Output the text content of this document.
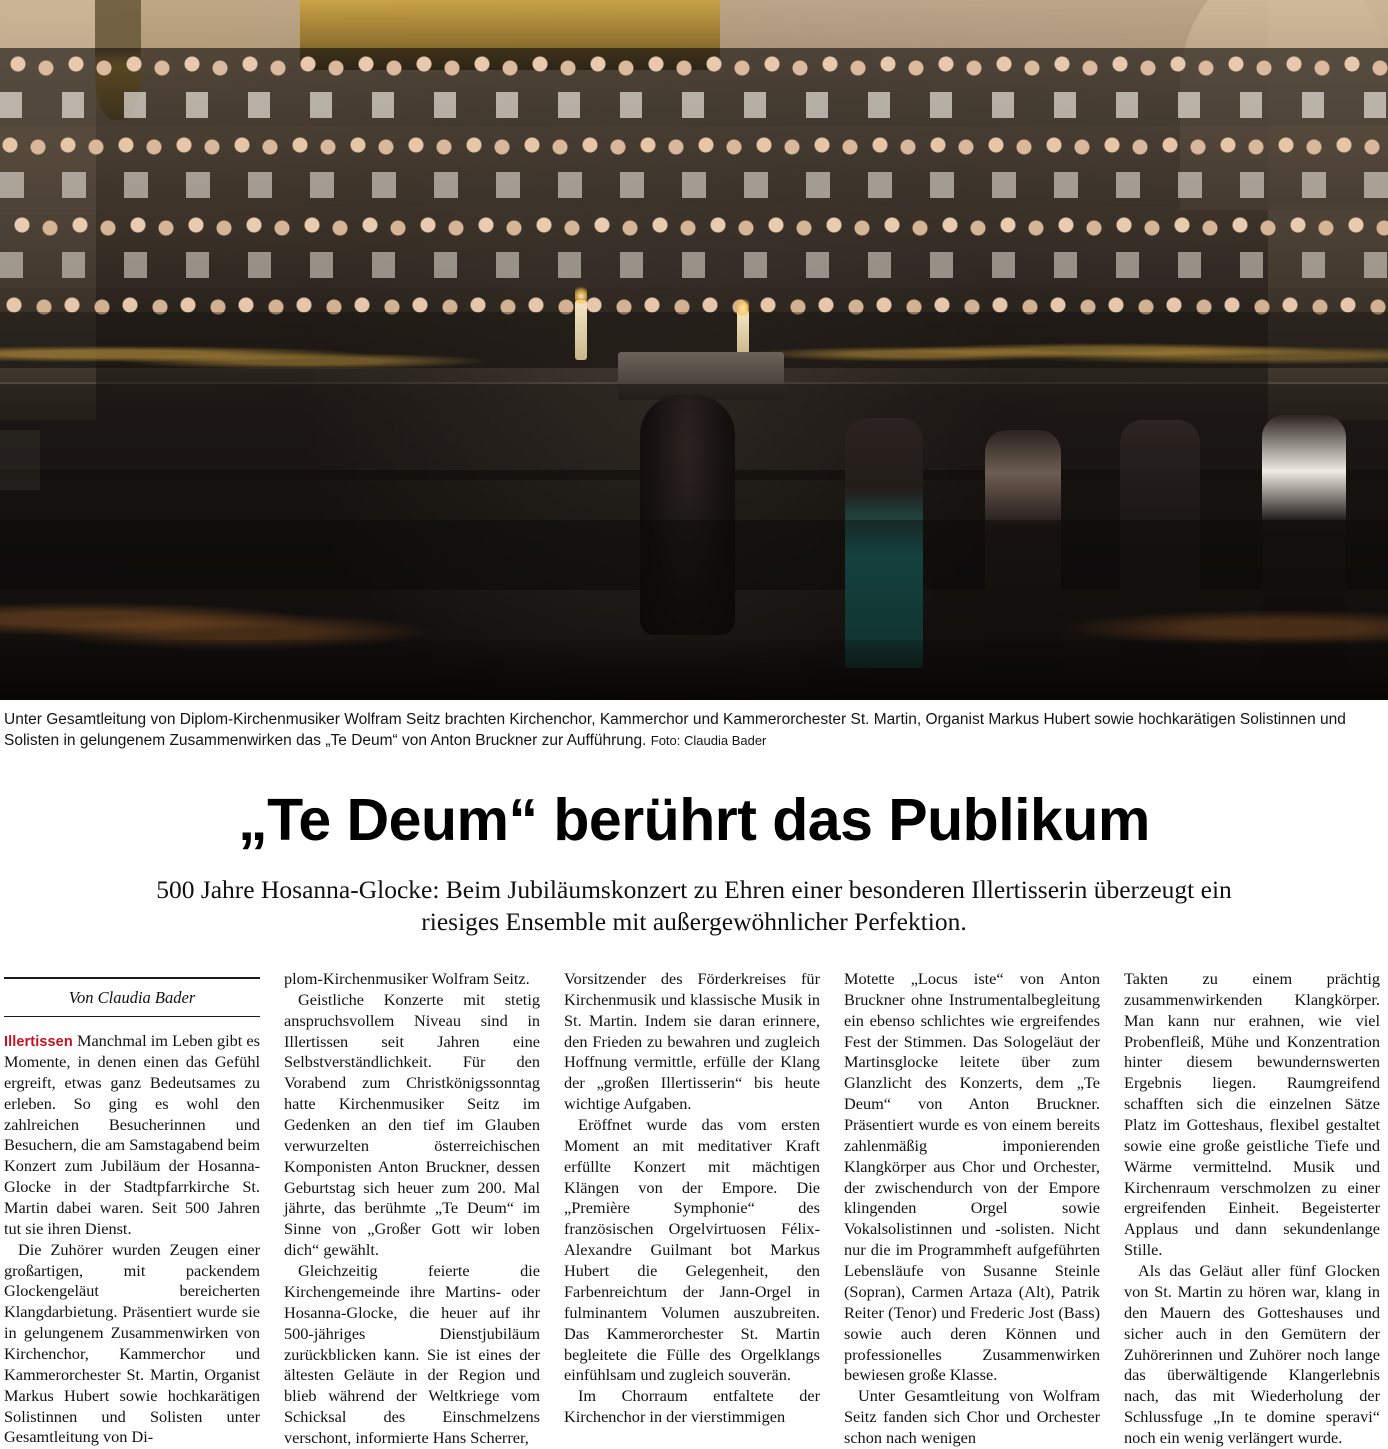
Unter Gesamtleitung von Diplom-Kirchenmusiker Wolfram Seitz brachten Kirchenchor, Kammerchor und Kammerorchester St. Martin, Organist Markus Hubert sowie hochkarätigen Solistinnen und Solisten in gelungenem Zusammenwirken das „Te Deum“ von Anton Bruckner zur Aufführung. Foto: Claudia Bader
„Te Deum“ berührt das Publikum
500 Jahre Hosanna-Glocke: Beim Jubiläumskonzert zu Ehren einer besonderen Illertisserin überzeugt ein riesiges Ensemble mit außergewöhnlicher Perfektion.
Von Claudia Bader

Illertissen Manchmal im Leben gibt es Momente, in denen einen das Gefühl ergreift, etwas ganz Bedeutsames zu erleben. So ging es wohl den zahlreichen Besucherinnen und Besuchern, die am Samstagabend beim Konzert zum Jubiläum der Hosanna-Glocke in der Stadtpfarrkirche St. Martin dabei waren. Seit 500 Jahren tut sie ihren Dienst.

Die Zuhörer wurden Zeugen einer großartigen, mit packendem Glockengeläut bereicherten Klangdarbietung. Präsentiert wurde sie in gelungenem Zusammenwirken von Kirchenchor, Kammerchor und Kammerorchester St. Martin, Organist Markus Hubert sowie hochkarätigen Solistinnen und Solisten unter Gesamtleitung von Di-

plom-Kirchenmusiker Wolfram Seitz.

Geistliche Konzerte mit stetig anspruchsvollem Niveau sind in Illertissen seit Jahren eine Selbstverständlichkeit. Für den Vorabend zum Christkönigssonntag hatte Kirchenmusiker Seitz im Gedenken an den tief im Glauben verwurzelten österreichischen Komponisten Anton Bruckner, dessen Geburtstag sich heuer zum 200. Mal jährte, das berühmte „Te Deum“ im Sinne von „Großer Gott wir loben dich“ gewählt.

Gleichzeitig feierte die Kirchengemeinde ihre Martins- oder Hosanna-Glocke, die heuer auf ihr 500-jähriges Dienstjubiläum zurückblicken kann. Sie ist eines der ältesten Geläute in der Region und blieb während der Weltkriege vom Schicksal des Einschmelzens verschont, informierte Hans Scherrer,

Vorsitzender des Förderkreises für Kirchenmusik und klassische Musik in St. Martin. Indem sie daran erinnere, den Frieden zu bewahren und zugleich Hoffnung vermittle, erfülle der Klang der „großen Illertisserin“ bis heute wichtige Aufgaben.

Eröffnet wurde das vom ersten Moment an mit meditativer Kraft erfüllte Konzert mit mächtigen Klängen von der Empore. Die „Première Symphonie“ des französischen Orgelvirtuosen Félix-Alexandre Guilmant bot Markus Hubert die Gelegenheit, den Farbenreichtum der Jann-Orgel in fulminantem Volumen auszubreiten. Das Kammerorchester St. Martin begleitete die Fülle des Orgelklangs einfühlsam und zugleich souverän.

Im Chorraum entfaltete der Kirchenchor in der vierstimmigen

Motette „Locus iste“ von Anton Bruckner ohne Instrumentalbegleitung ein ebenso schlichtes wie ergreifendes Fest der Stimmen. Das Sologeläut der Martinsglocke leitete über zum Glanzlicht des Konzerts, dem „Te Deum“ von Anton Bruckner. Präsentiert wurde es von einem bereits zahlenmäßig imponierenden Klangkörper aus Chor und Orchester, der zwischendurch von der Empore klingenden Orgel sowie Vokalsolistinnen und -solisten. Nicht nur die im Programmheft aufgeführten Lebensläufe von Susanne Steinle (Sopran), Carmen Artaza (Alt), Patrik Reiter (Tenor) und Frederic Jost (Bass) sowie auch deren Können und professionelles Zusammenwirken bewiesen große Klasse.

Unter Gesamtleitung von Wolfram Seitz fanden sich Chor und Orchester schon nach wenigen

Takten zu einem prächtig zusammenwirkenden Klangkörper. Man kann nur erahnen, wie viel Probenfleiß, Mühe und Konzentration hinter diesem bewundernswerten Ergebnis liegen. Raumgreifend schafften sich die einzelnen Sätze Platz im Gotteshaus, flexibel gestaltet sowie eine große geistliche Tiefe und Wärme vermittelnd. Musik und Kirchenraum verschmolzen zu einer ergreifenden Einheit. Begeisterter Applaus und dann sekundenlange Stille.

Als das Geläut aller fünf Glocken von St. Martin zu hören war, klang in den Mauern des Gotteshauses und sicher auch in den Gemütern der Zuhörerinnen und Zuhörer noch lange das überwältigende Klangerlebnis nach, das mit Wiederholung der Schlussfuge „In te domine speravi“ noch ein wenig verlängert wurde.
